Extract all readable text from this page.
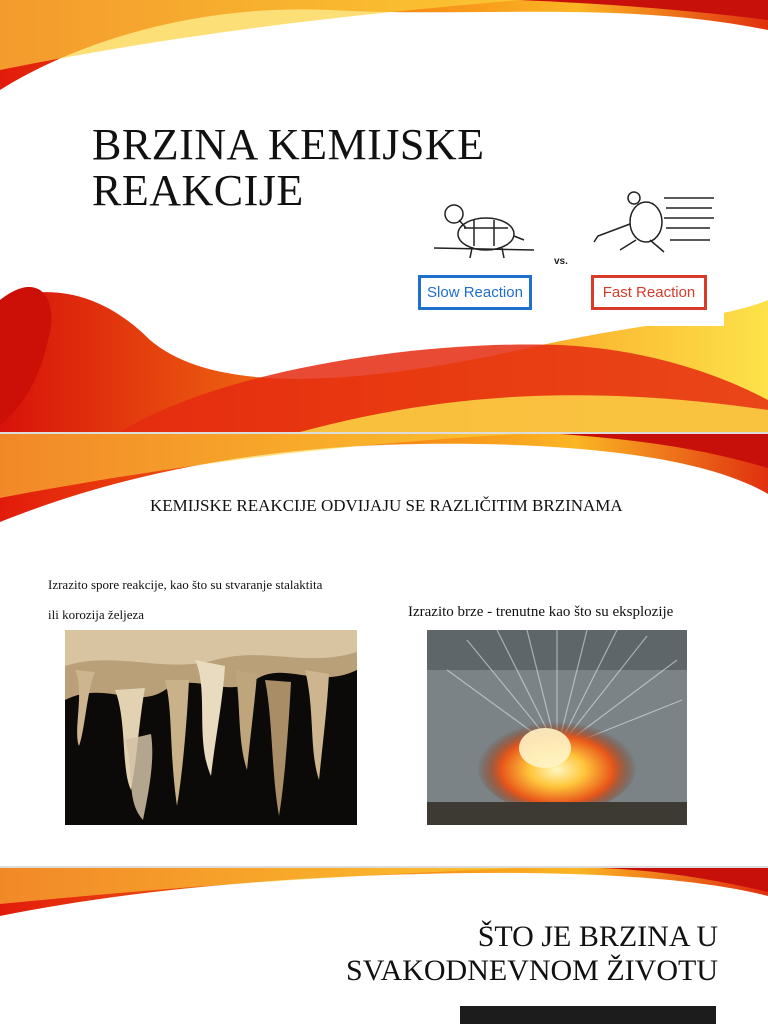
BRZINA KEMIJSKE
REAKCIJE
vs.
Slow Reaction	Fast Reaction
KEMIJSKE REAKCIJE ODVIJAJU SE RAZLIČITIM BRZINAMA
Izrazito spore reakcije, kao što su stvaranje stalaktita
ili korozija željeza	Izrazito brze - trenutne kao što su eksplozije
ŠTO JE BRZINA U
SVAKODNEVNOM ŽIVOTU
